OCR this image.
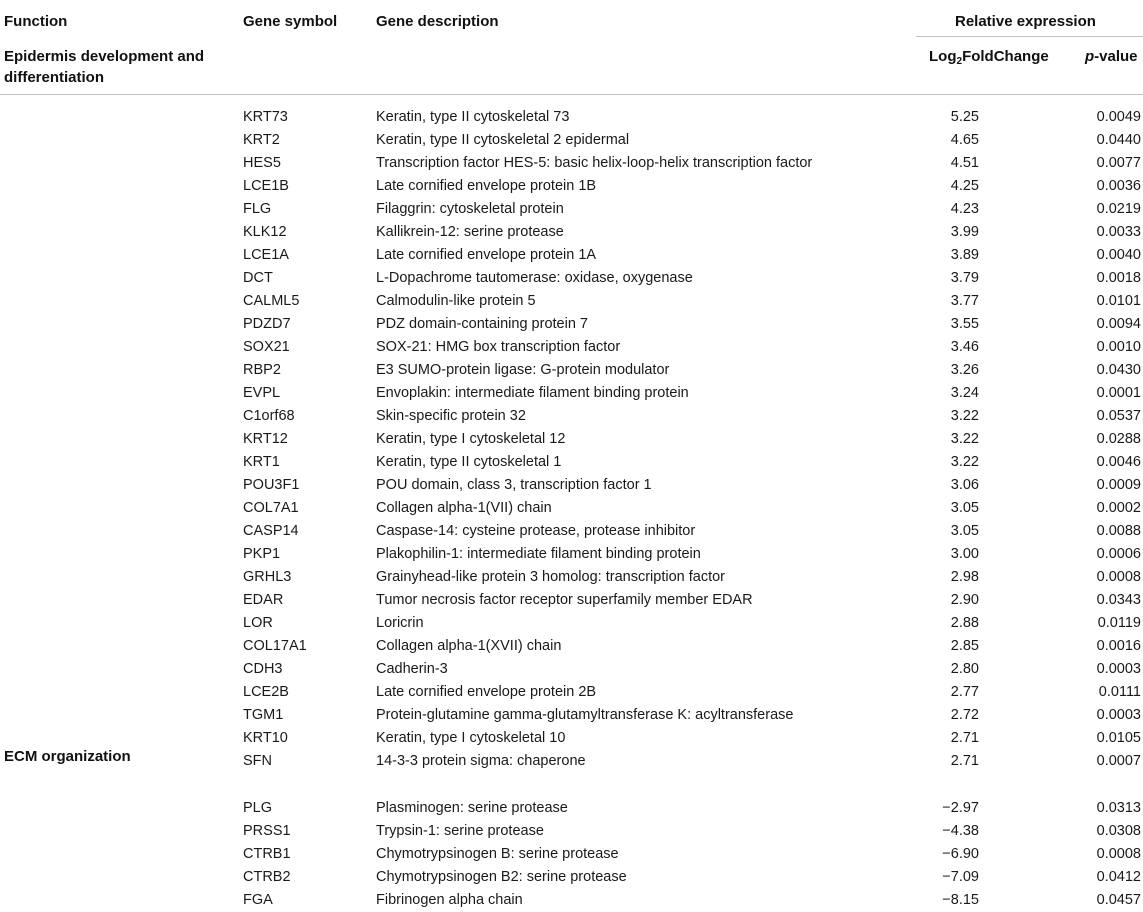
Function	Gene symbol	Gene description	Relative expression
Log$_2$FoldChange p-value
Epidermis development and differentiation
KRT73	Keratin, type II cytoskeletal 73	5.25	0.0049
KRT2	Keratin, type II cytoskeletal 2 epidermal	4.65	0.0440
HES5	Transcription factor HES-5: basic helix-loop-helix transcription factor	4.51	0.0077
LCE1B	Late cornified envelope protein 1B	4.25	0.0036
FLG	Filaggrin: cytoskeletal protein	4.23	0.0219
KLK12	Kallikrein-12: serine protease	3.99	0.0033
LCE1A	Late cornified envelope protein 1A	3.89	0.0040
DCT	L-Dopachrome tautomerase: oxidase, oxygenase	3.79	0.0018
CALML5	Calmodulin-like protein 5	3.77	0.0101
PDZD7	PDZ domain-containing protein 7	3.55	0.0094
SOX21	SOX-21: HMG box transcription factor	3.46	0.0010
RBP2	E3 SUMO-protein ligase: G-protein modulator	3.26	0.0430
EVPL	Envoplakin: intermediate filament binding protein	3.24	0.0001
C1orf68	Skin-specific protein 32	3.22	0.0537
KRT12	Keratin, type I cytoskeletal 12	3.22	0.0288
KRT1	Keratin, type II cytoskeletal 1	3.22	0.0046
POU3F1	POU domain, class 3, transcription factor 1	3.06	0.0009
COL7A1	Collagen alpha-1(VII) chain	3.05	0.0002
CASP14	Caspase-14: cysteine protease, protease inhibitor	3.05	0.0088
PKP1	Plakophilin-1: intermediate filament binding protein	3.00	0.0006
GRHL3	Grainyhead-like protein 3 homolog: transcription factor	2.98	0.0008
EDAR	Tumor necrosis factor receptor superfamily member EDAR	2.90	0.0343
LOR	Loricrin	2.88	0.0119
COL17A1	Collagen alpha-1(XVII) chain	2.85	0.0016
CDH3	Cadherin-3	2.80	0.0003
LCE2B	Late cornified envelope protein 2B	2.77	0.0111
TGM1	Protein-glutamine gamma-glutamyltransferase K: acyltransferase	2.72	0.0003
KRT10	Keratin, type I cytoskeletal 10	2.71	0.0105
SFN	14-3-3 protein sigma: chaperone	2.71	0.0007
ECM organization
PLG	Plasminogen: serine protease	−2.97	0.0313
PRSS1	Trypsin-1: serine protease	−4.38	0.0308
CTRB1	Chymotrypsinogen B: serine protease	−6.90	0.0008
CTRB2	Chymotrypsinogen B2: serine protease	−7.09	0.0412
FGA	Fibrinogen alpha chain	−8.15	0.0457
